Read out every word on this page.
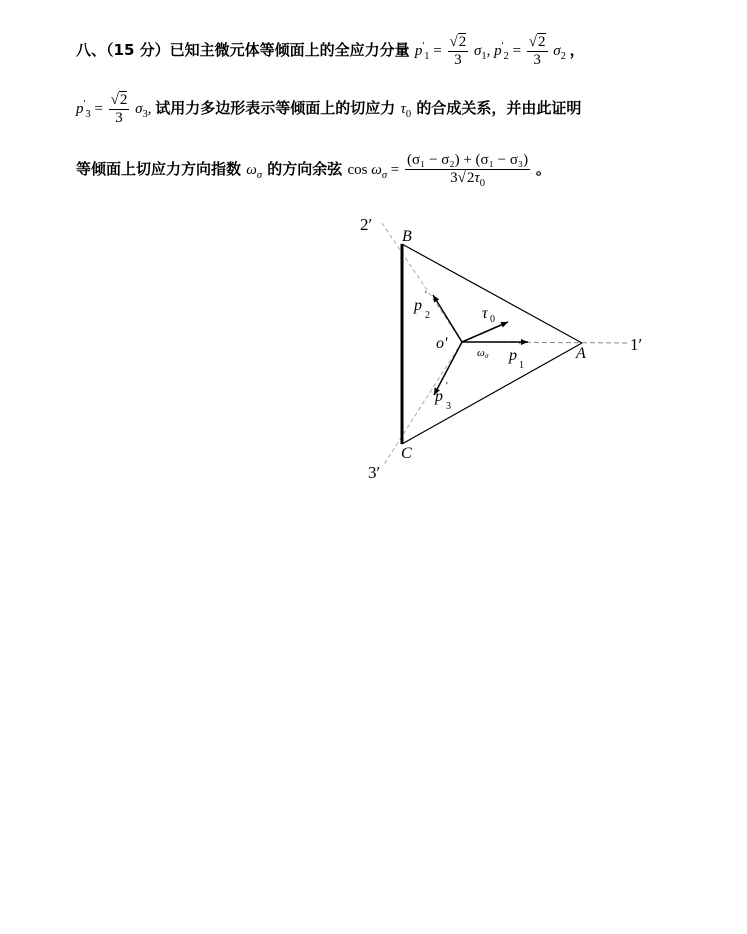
八、（15 分）已知主微元体等倾面上的全应力分量 $p'_1 = \frac{√2}{3} \sigma_1$, $p'_2 = \frac{√2}{3} \sigma_2$ ，
$p'_3 = \frac{√2}{3} \sigma_3$, 试用力多边形表示等倾面上的切应力 $\tau_0$ 的合成关系，并由此证明
等倾面上切应力方向指数 $\omega_\sigma$ 的方向余弦 $\cos \omega_\sigma = \frac{\text{(σ₁ − σ₂) + (σ₁ − σ₃)}}{3√2\tau_0}$ 。
2′
B
A	1′
C
3′
o'
p
'
2	τ 0
ω σ p
'
1
p
'
3
